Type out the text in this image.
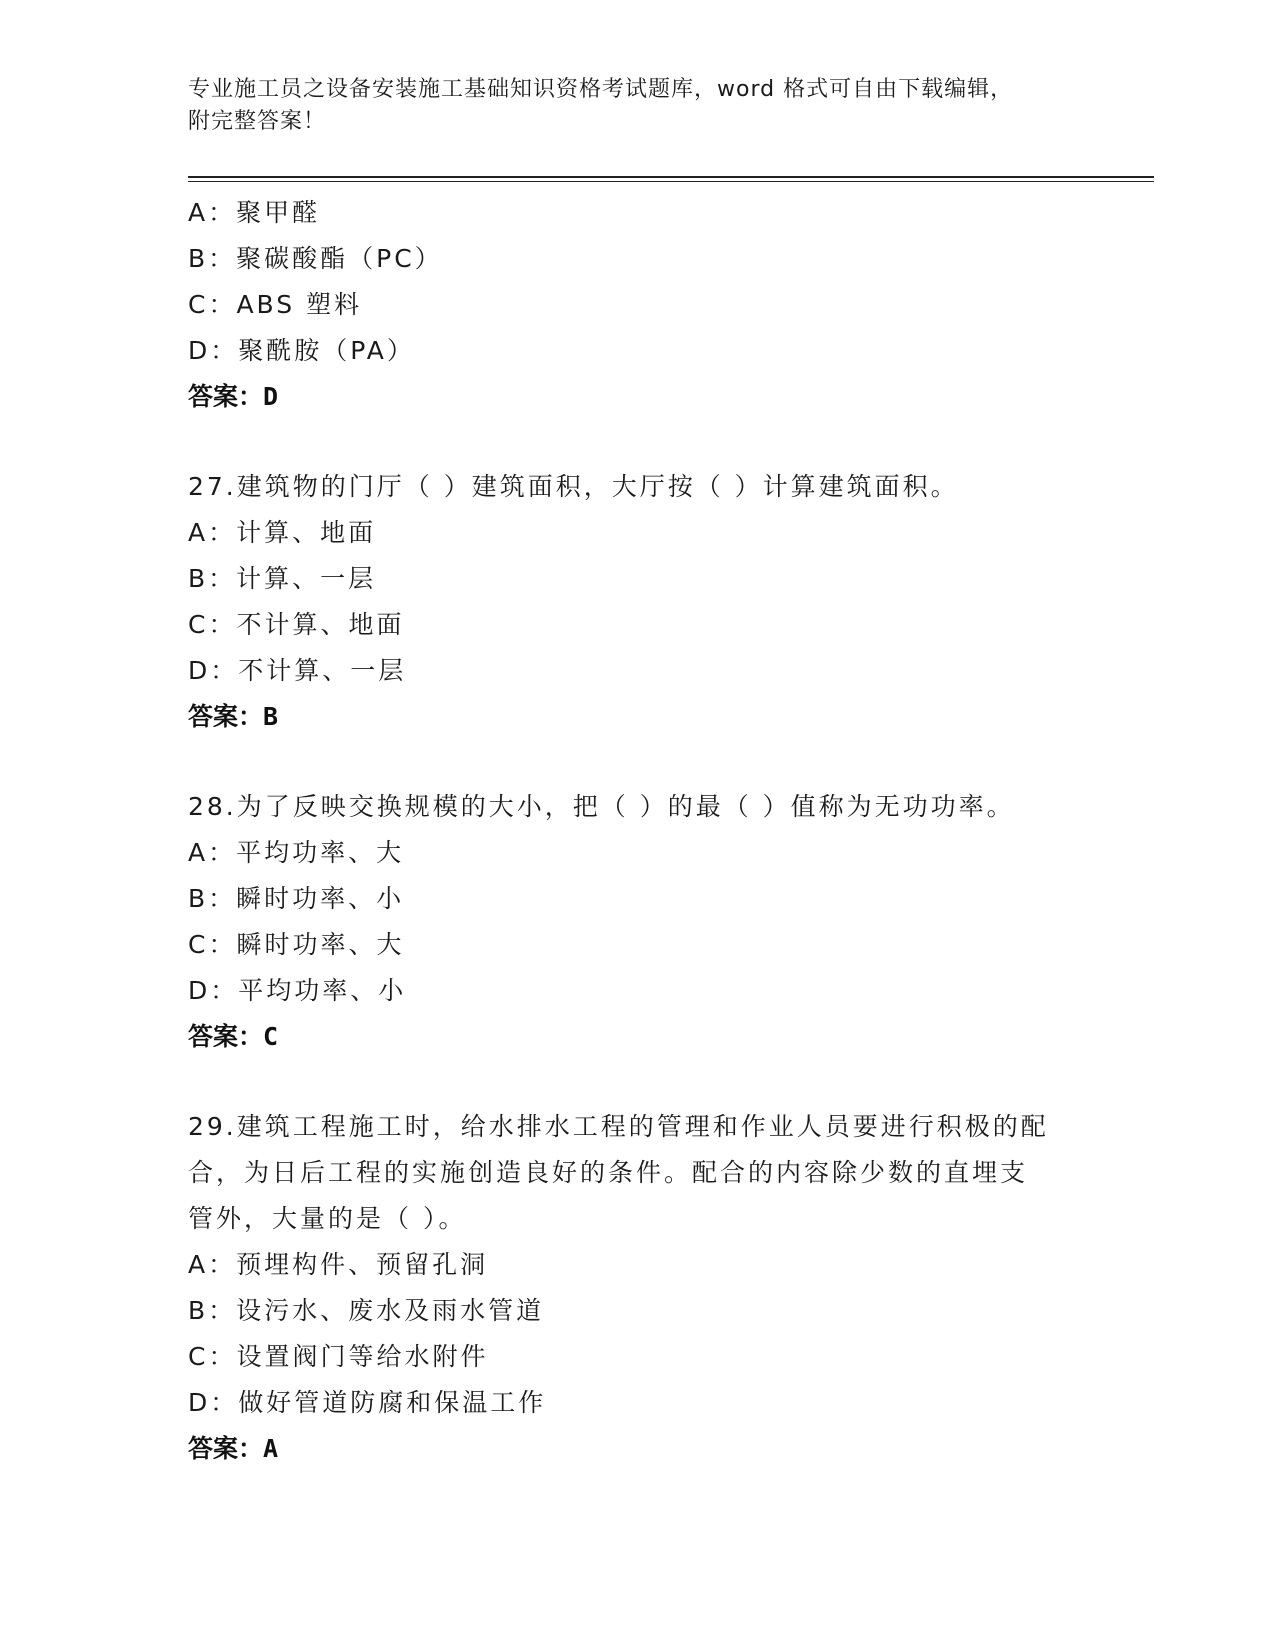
专业施工员之设备安装施工基础知识资格考试题库，word 格式可自由下载编辑，
附完整答案！
A：聚甲醛
B：聚碳酸酯（PC）
C：ABS 塑料
D：聚酰胺（PA）
答案：D
27.建筑物的门厅（ ）建筑面积，大厅按（ ）计算建筑面积。
A：计算、地面
B：计算、一层
C：不计算、地面
D：不计算、一层
答案：B
28.为了反映交换规模的大小，把（ ）的最（ ）值称为无功功率。
A：平均功率、大
B：瞬时功率、小
C：瞬时功率、大
D：平均功率、小
答案：C
29.建筑工程施工时，给水排水工程的管理和作业人员要进行积极的配
合，为日后工程的实施创造良好的条件。配合的内容除少数的直埋支
管外，大量的是（ ）。
A：预埋构件、预留孔洞
B：设污水、废水及雨水管道
C：设置阀门等给水附件
D：做好管道防腐和保温工作
答案：A
